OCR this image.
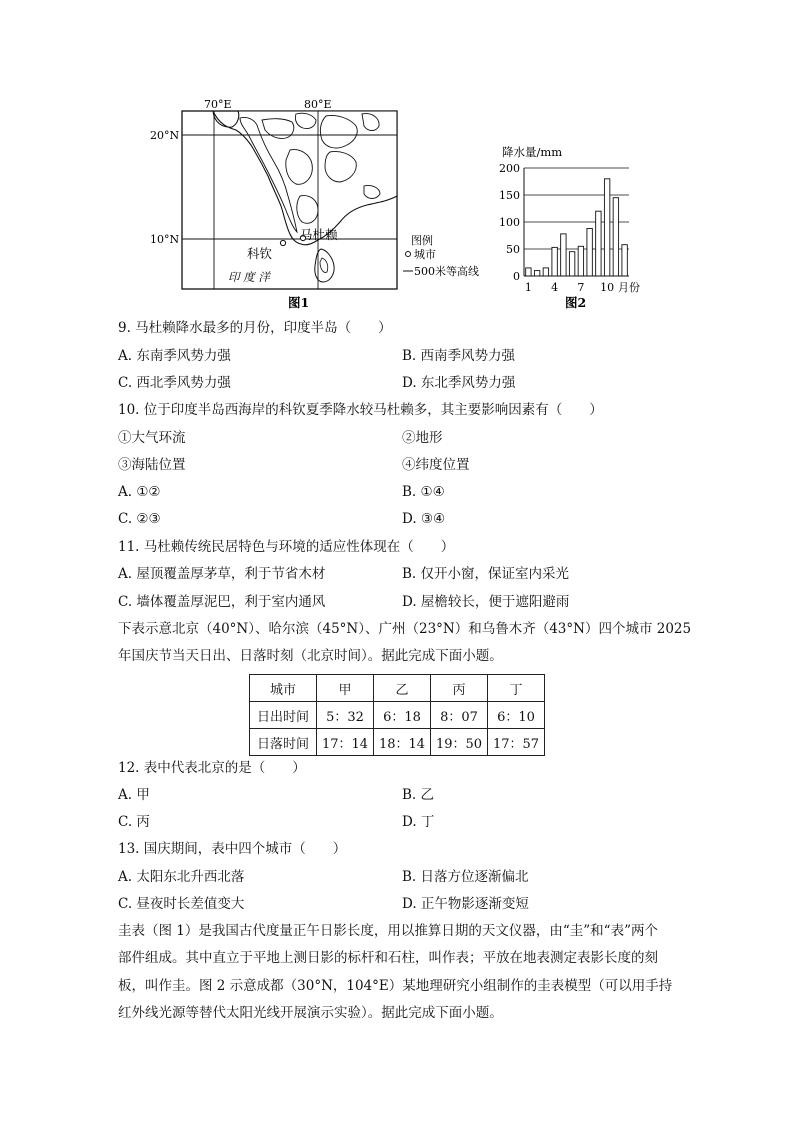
70°E	80°E
20°N
10°N	马杜赖
科钦
印 度 洋
图例
城市
500米等高线
图1
降水量/mm
0
50
100
150
200
1 4 7 10 月份
图2
9. 马杜赖降水最多的月份，印度半岛（　　）
A. 东南季风势力强	B. 西南季风势力强
C. 西北季风势力强	D. 东北季风势力强
10. 位于印度半岛西海岸的科钦夏季降水较马杜赖多，其主要影响因素有（　　）
①大气环流	②地形
③海陆位置	④纬度位置
A. ①②	B. ①④
C. ②③	D. ③④
11. 马杜赖传统民居特色与环境的适应性体现在（　　）
A. 屋顶覆盖厚茅草，利于节省木材	B. 仅开小窗，保证室内采光
C. 墙体覆盖厚泥巴，利于室内通风	D. 屋檐较长，便于遮阳避雨
下表示意北京（40°N）、哈尔滨（45°N）、广州（23°N）和乌鲁木齐（43°N）四个城市 2025
年国庆节当天日出、日落时刻（北京时间）。据此完成下面小题。
城市	甲	乙	丙	丁
日出时间	5：32	6：18	8：07	6：10
日落时间	17：14	18：14	19：50	17：57
12. 表中代表北京的是（　　）
A. 甲	B. 乙
C. 丙	D. 丁
13. 国庆期间，表中四个城市（　　）
A. 太阳东北升西北落	B. 日落方位逐渐偏北
C. 昼夜时长差值变大	D. 正午物影逐渐变短
圭表（图 1）是我国古代度量正午日影长度，用以推算日期的天文仪器，由“圭”和“表”两个
部件组成。其中直立于平地上测日影的标杆和石柱，叫作表；平放在地表测定表影长度的刻
板，叫作圭。图 2 示意成都（30°N，104°E）某地理研究小组制作的圭表模型（可以用手持
红外线光源等替代太阳光线开展演示实验）。据此完成下面小题。
